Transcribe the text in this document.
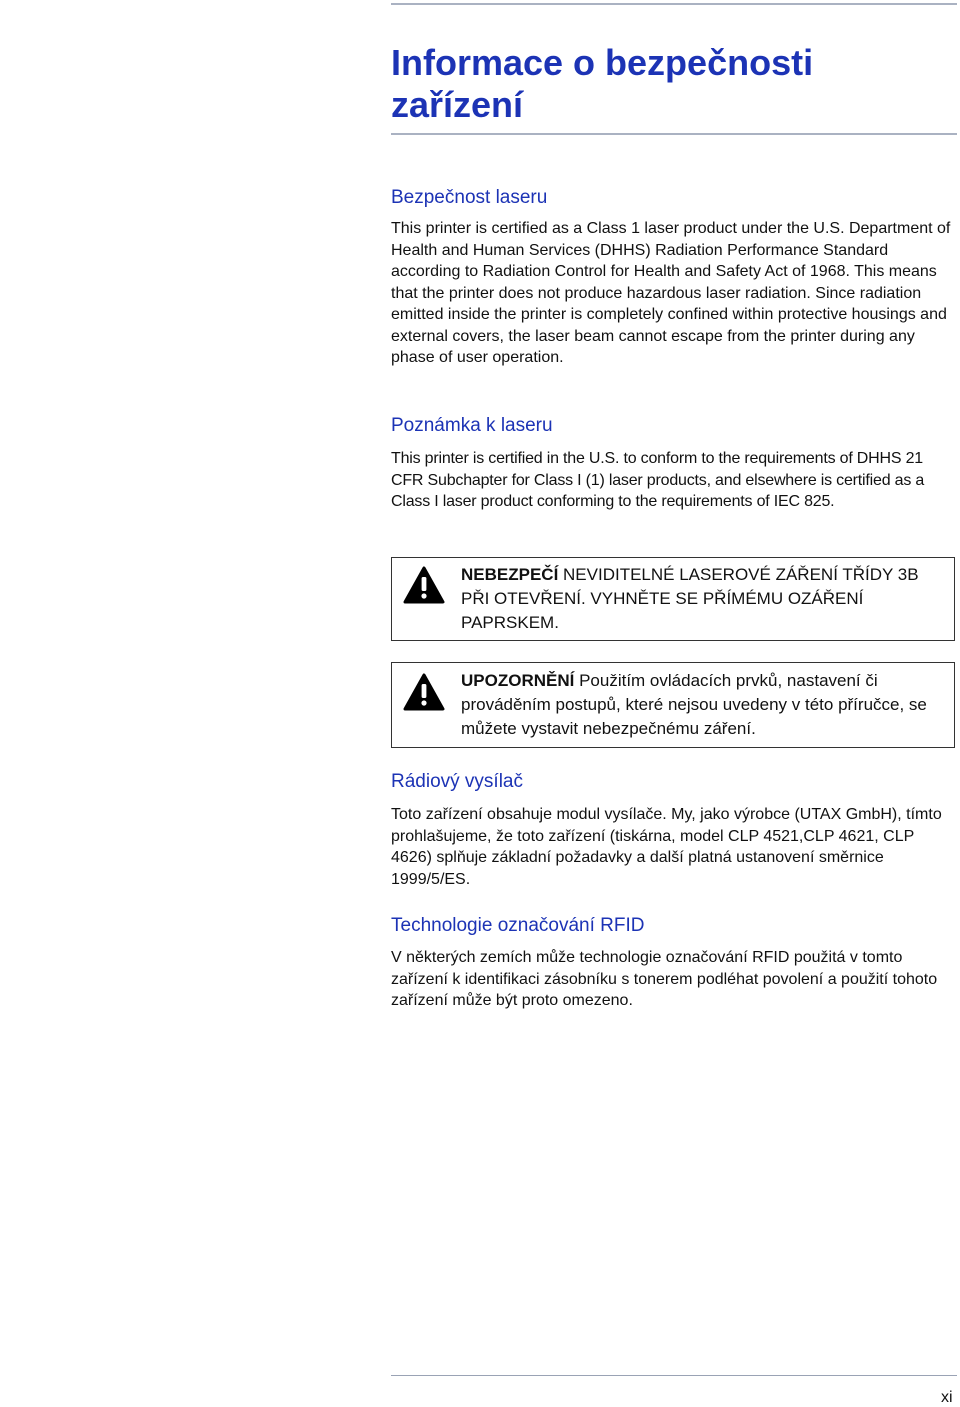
Informace o bezpečnosti zařízení
Bezpečnost laseru

This printer is certified as a Class 1 laser product under the U.S. Department of Health and Human Services (DHHS) Radiation Performance Standard according to Radiation Control for Health and Safety Act of 1968. This means that the printer does not produce hazardous laser radiation. Since radiation emitted inside the printer is completely confined within protective housings and external covers, the laser beam cannot escape from the printer during any phase of user operation.

Poznámka k laseru

This printer is certified in the U.S. to conform to the requirements of DHHS 21 CFR Subchapter for Class I (1) laser products, and elsewhere is certified as a Class I laser product conforming to the requirements of IEC 825.

NEBEZPEČÍ NEVIDITELNÉ LASEROVÉ ZÁŘENÍ TŘÍDY 3B PŘI OTEVŘENÍ. VYHNĚTE SE PŘÍMÉMU OZÁŘENÍ PAPRSKEM.

UPOZORNĚNÍ Použitím ovládacích prvků, nastavení či prováděním postupů, které nejsou uvedeny v této příručce, se můžete vystavit nebezpečnému záření.

Rádiový vysílač

Toto zařízení obsahuje modul vysílače. My, jako výrobce (UTAX GmbH), tímto prohlašujeme, že toto zařízení (tiskárna, model CLP 4521,CLP 4621, CLP 4626) splňuje základní požadavky a další platná ustanovení směrnice 1999/5/ES.

Technologie označování RFID

V některých zemích může technologie označování RFID použitá v tomto zařízení k identifikaci zásobníku s tonerem podléhat povolení a použití tohoto zařízení může být proto omezeno.

xi
